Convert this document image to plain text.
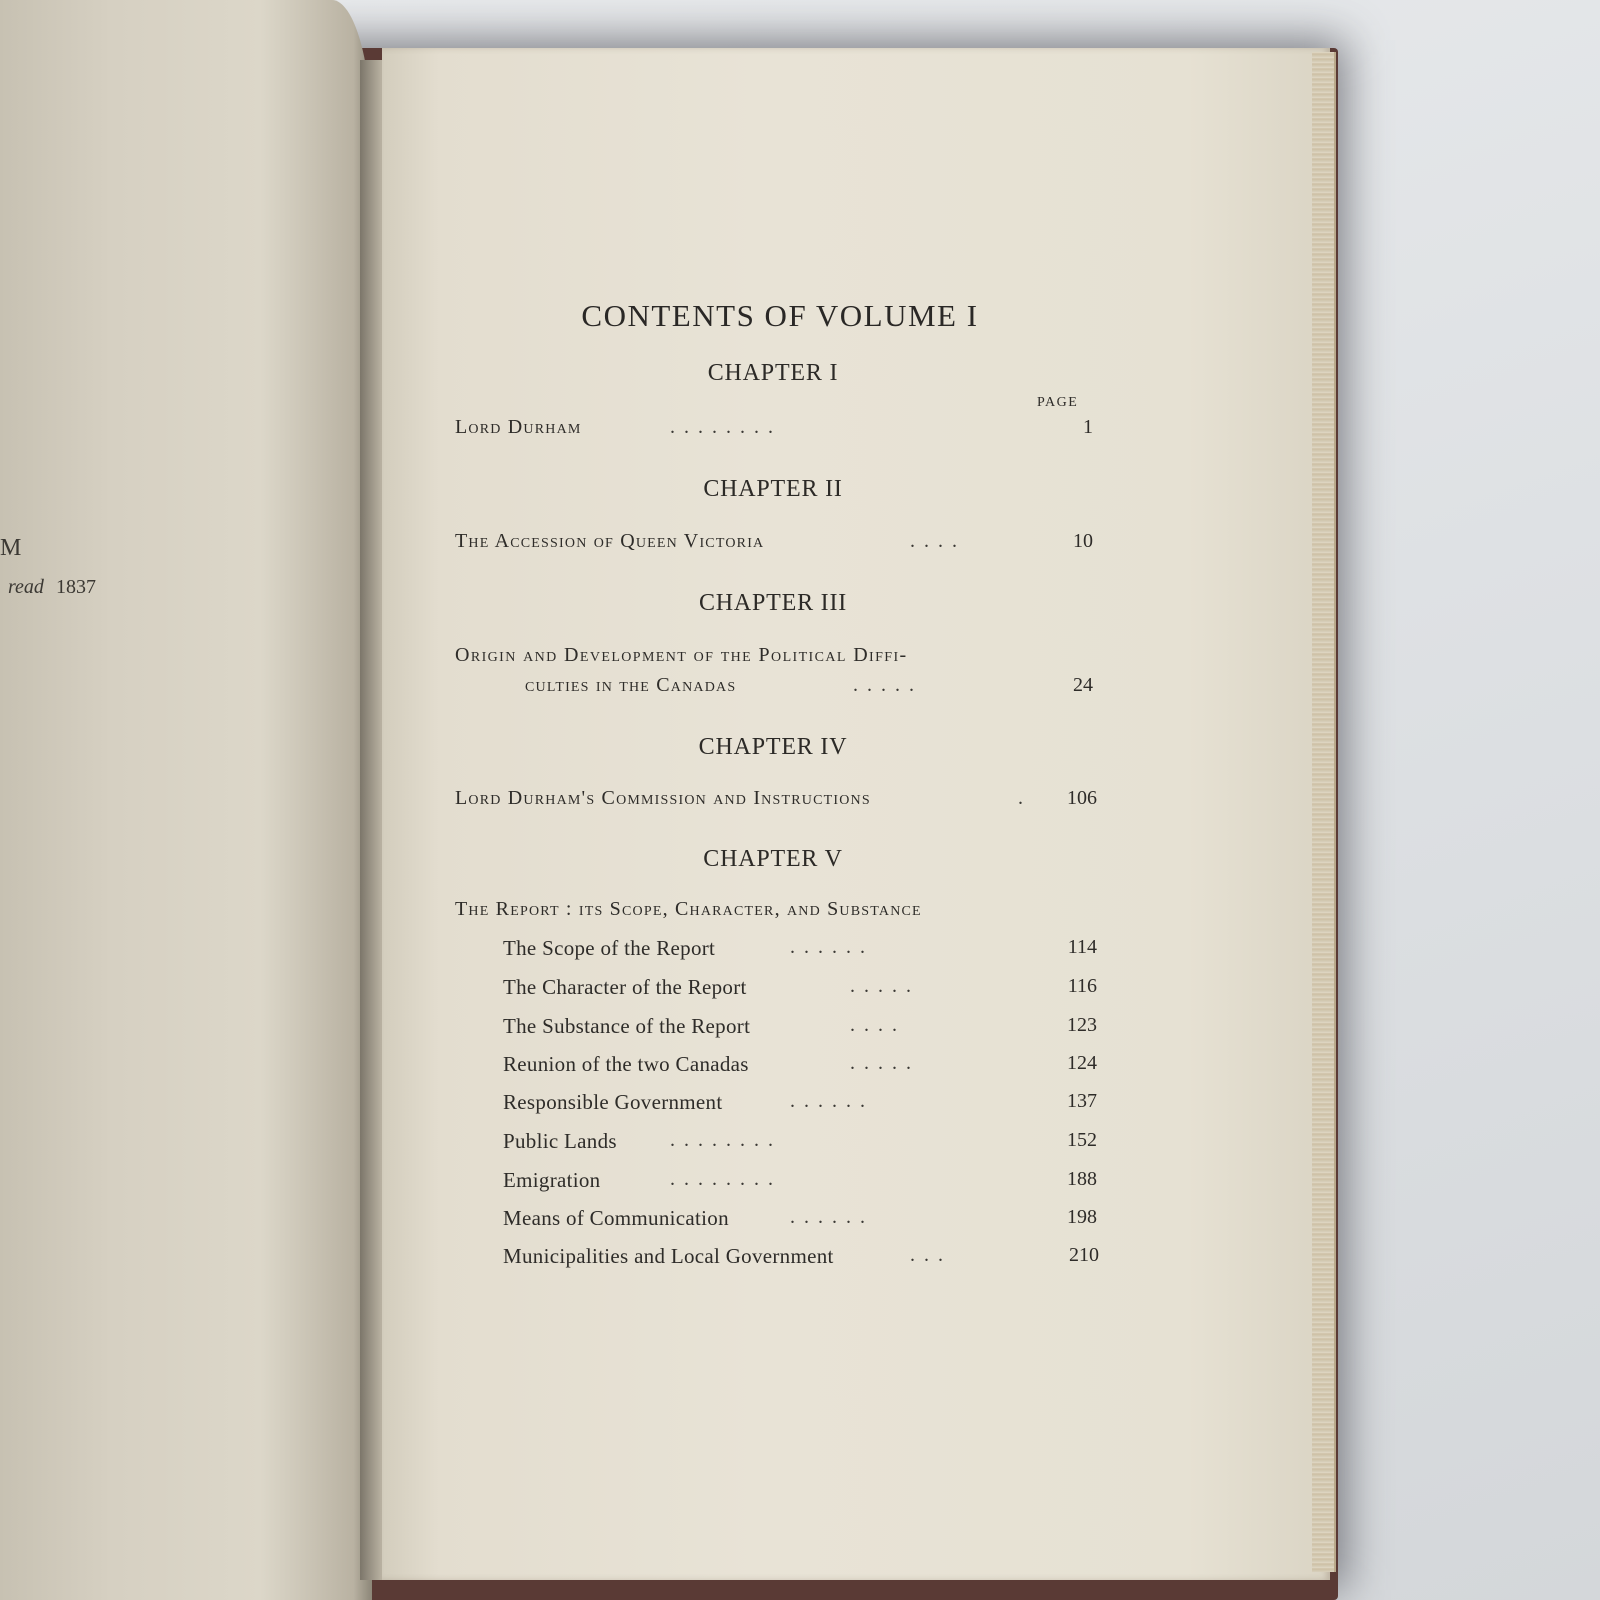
M
read 1837
CONTENTS OF VOLUME I
CHAPTER I
PAGE
Lord Durham	. . . . . . . .	1
CHAPTER II
The Accession of Queen Victoria	. . . .	10
CHAPTER III
Origin and Development of the Political Diffi-
culties in the Canadas	. . . . .	24
CHAPTER IV
Lord Durham's Commission and Instructions	. 106
CHAPTER V
The Report : its Scope, Character, and Substance
The Scope of the Report	. . . . . .	114
The Character of the Report	. . . . .	116
The Substance of the Report	. . . .	123
Reunion of the two Canadas	. . . . .	124
Responsible Government	. . . . . .	137
Public Lands	. . . . . . . .	152
Emigration	. . . . . . . .	188
Means of Communication	. . . . . .	198
Municipalities and Local Government	. . .	210
